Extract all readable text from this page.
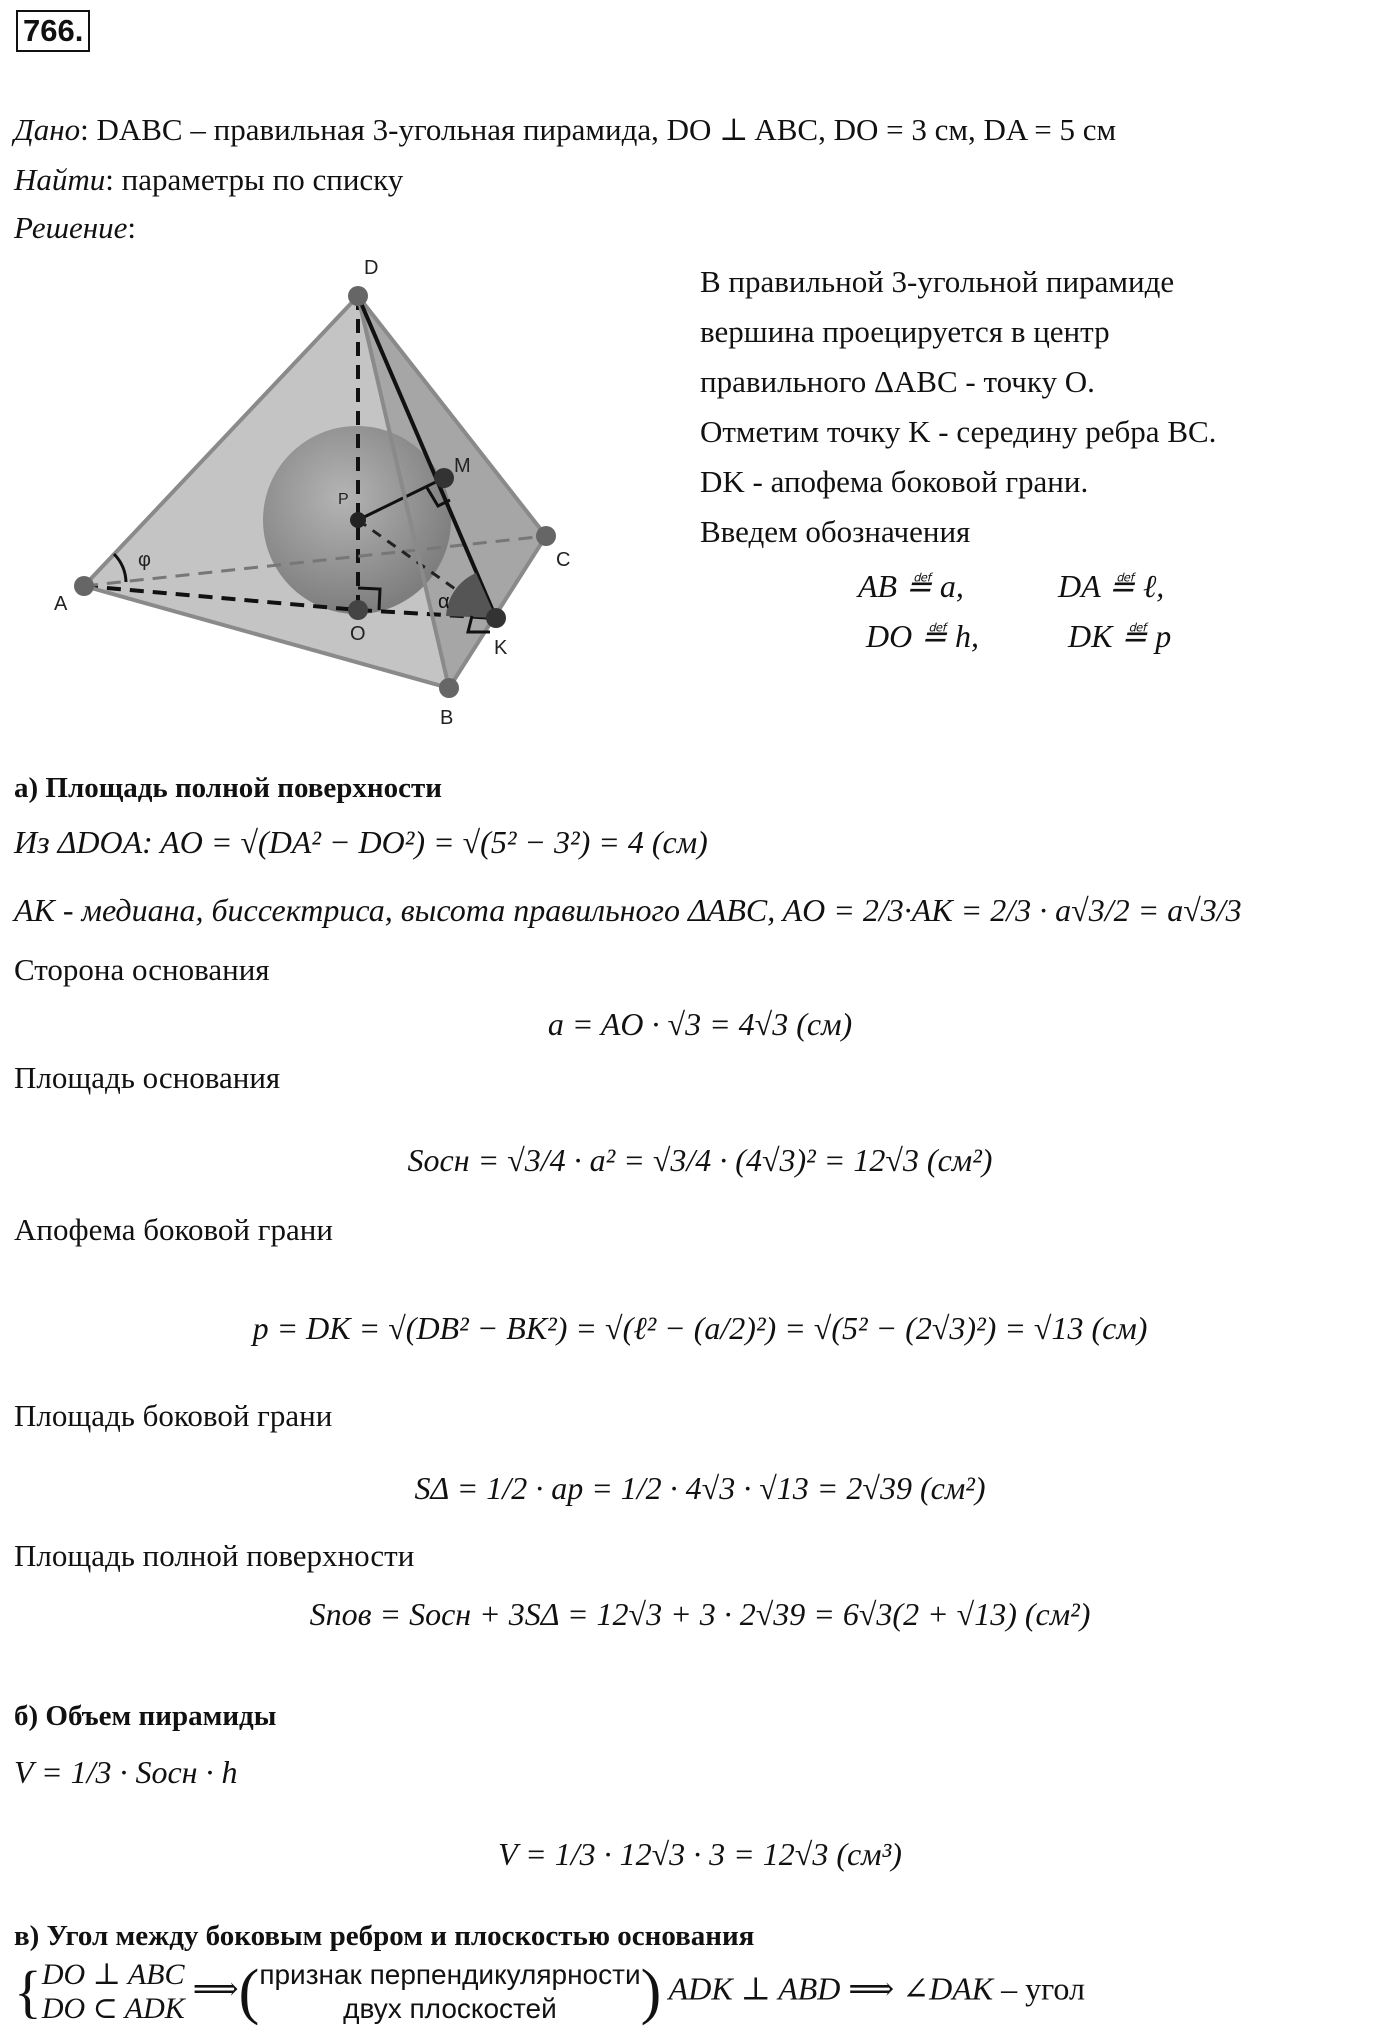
766.
Дано: DABC – правильная 3-угольная пирамида, DO ⊥ ABC, DO = 3 см, DA = 5 см
Найти: параметры по списку
Решение:
D
A
B
C
O
K
M
P
φ
α
В правильной 3-угольной пирамиде
вершина проецируется в центр
правильного ΔABC - точку O.
Отметим точку K - середину ребра BC.
DK - апофема боковой грани.
Введем обозначения
AB ≝ a,	DA ≝ ℓ,
DO ≝ h,	DK ≝ p
а) Площадь полной поверхности
Из ΔDOA: AO = √(DA² − DO²) = √(5² − 3²) = 4 (см)
AK - медиана, биссектриса, высота правильного ΔABC, AO = 2/3·AK = 2/3 · a√3/2 = a√3/3
Сторона основания
a = AO · √3 = 4√3 (см)
Площадь основания
Sосн = √3/4 · a² = √3/4 · (4√3)² = 12√3 (см²)
Апофема боковой грани
p = DK = √(DB² − BK²) = √(ℓ² − (a/2)²) = √(5² − (2√3)²) = √13 (см)
Площадь боковой грани
SΔ = 1/2 · ap = 1/2 · 4√3 · √13 = 2√39 (см²)
Площадь полной поверхности
Sпов = Sосн + 3SΔ = 12√3 + 3 · 2√39 = 6√3(2 + √13) (см²)
б) Объем пирамиды
V = 1/3 · Sосн · h
V = 1/3 · 12√3 · 3 = 12√3 (см³)
в) Угол между боковым ребром и плоскостью основания
{ DO ⊥ ABC
DO ⊂ ADK
⟹( признак перпендикулярности
двух плоскостей	) ADK ⊥ ABD ⟹ ∠DAK – угол
